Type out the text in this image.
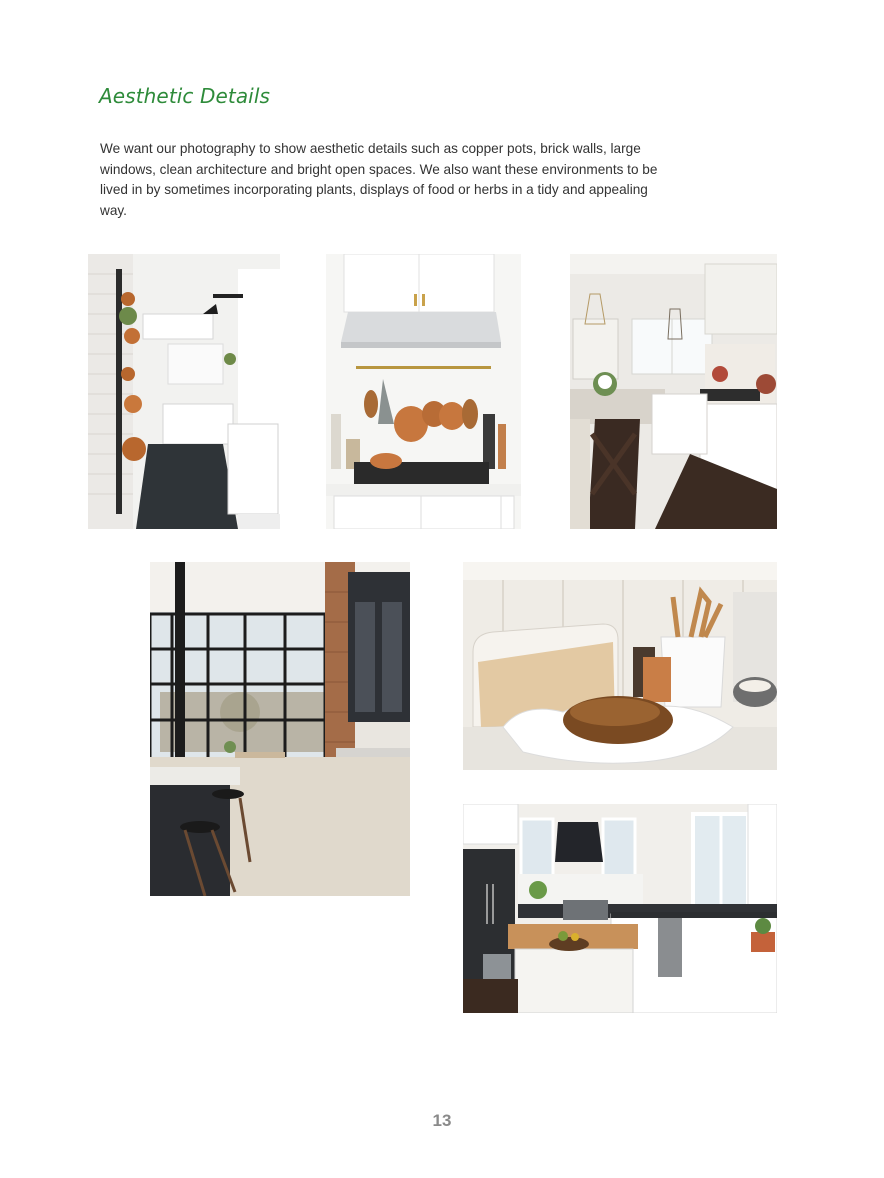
Aesthetic Details

We want our photography to show aesthetic details such as copper pots, brick walls, large windows, clean architecture and bright open spaces. We also want these environments to be lived in by sometimes incorporating plants, displays of food or herbs in a tidy and appealing way.

13
